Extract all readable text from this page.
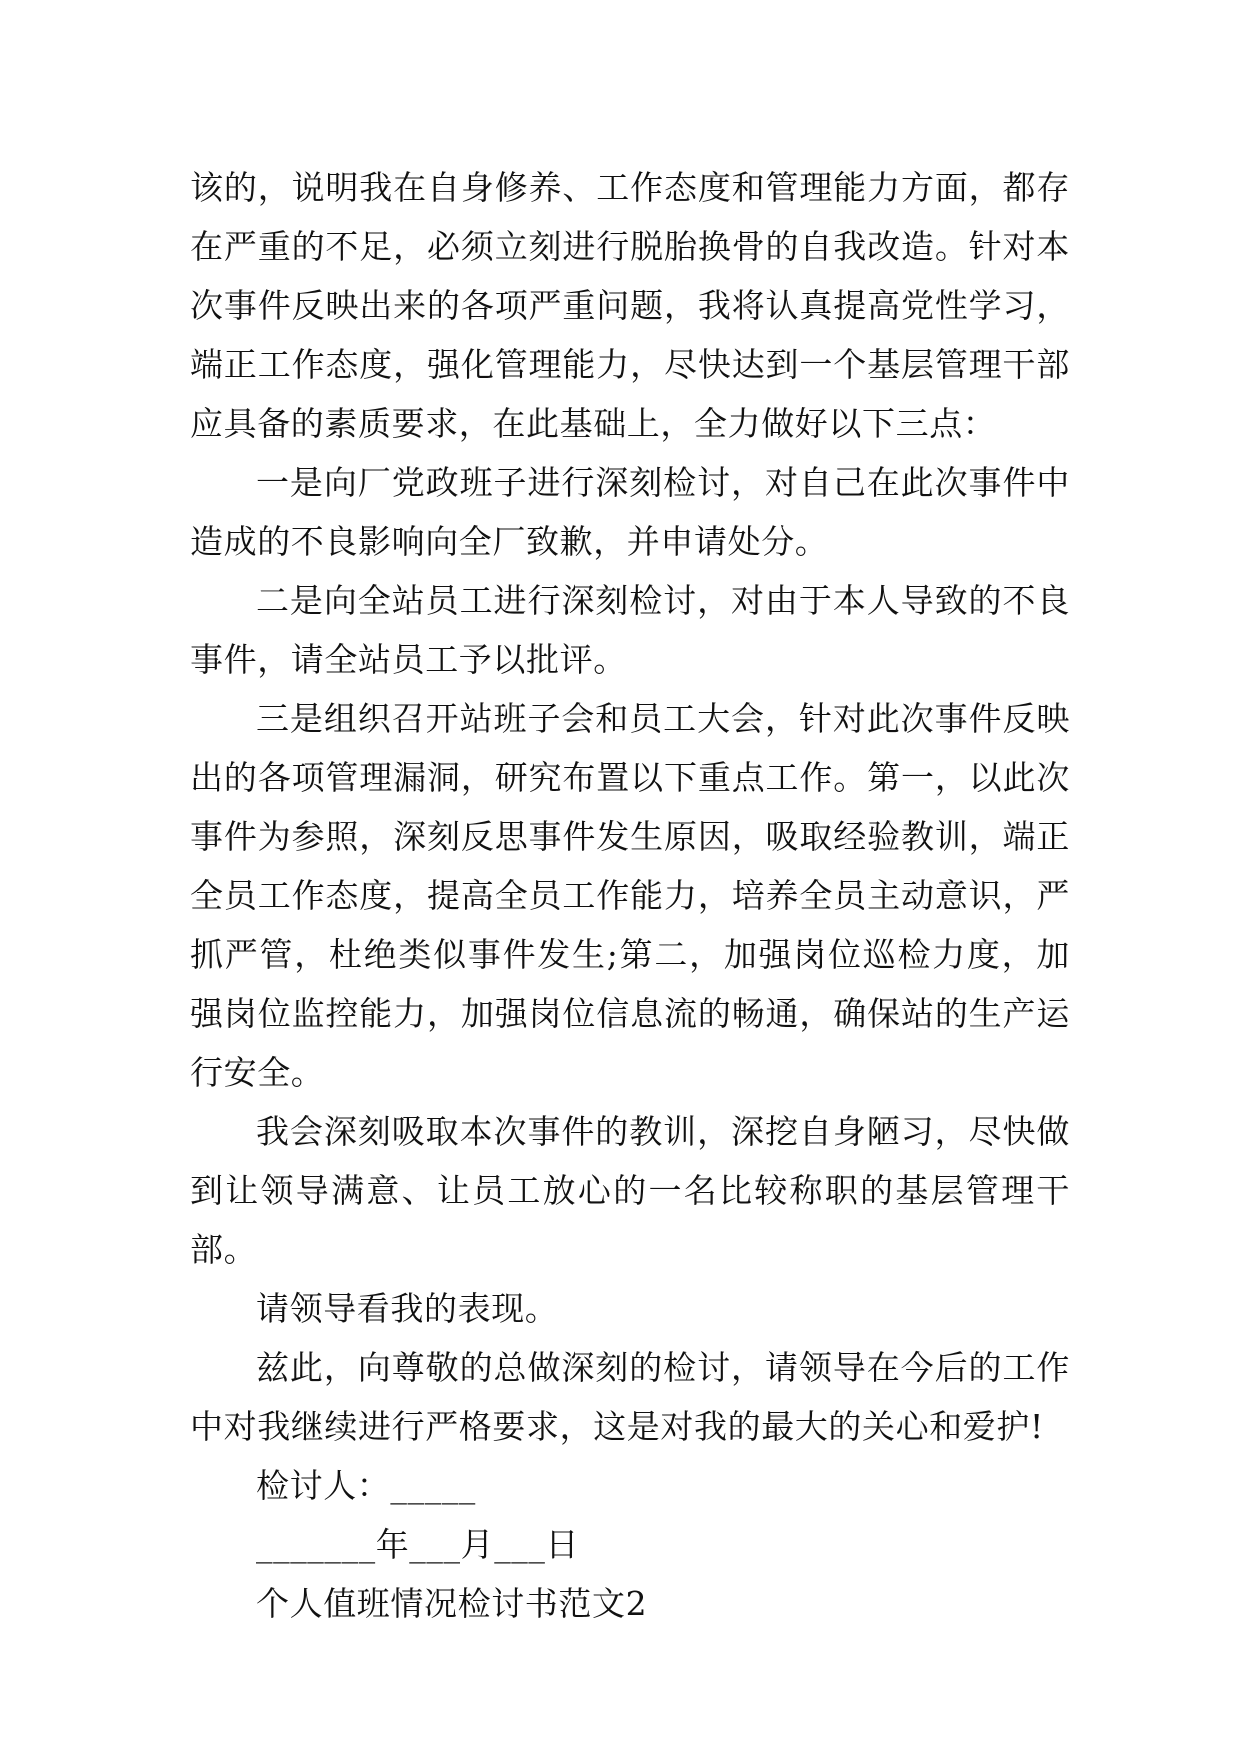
该的，说明我在自身修养、工作态度和管理能力方面，都存在严重的不足，必须立刻进行脱胎换骨的自我改造。针对本次事件反映出来的各项严重问题，我将认真提高党性学习，端正工作态度，强化管理能力，尽快达到一个基层管理干部应具备的素质要求，在此基础上，全力做好以下三点：

一是向厂党政班子进行深刻检讨，对自己在此次事件中造成的不良影响向全厂致歉，并申请处分。

二是向全站员工进行深刻检讨，对由于本人导致的不良事件，请全站员工予以批评。

三是组织召开站班子会和员工大会，针对此次事件反映出的各项管理漏洞，研究布置以下重点工作。第一，以此次事件为参照，深刻反思事件发生原因，吸取经验教训，端正全员工作态度，提高全员工作能力，培养全员主动意识，严抓严管，杜绝类似事件发生;第二，加强岗位巡检力度，加强岗位监控能力，加强岗位信息流的畅通，确保站的生产运行安全。

我会深刻吸取本次事件的教训，深挖自身陋习，尽快做到让领导满意、让员工放心的一名比较称职的基层管理干部。

请领导看我的表现。

兹此，向尊敬的总做深刻的检讨，请领导在今后的工作中对我继续进行严格要求，这是对我的最大的关心和爱护!

检讨人：_____

_______年___月___日

个人值班情况检讨书范文2
